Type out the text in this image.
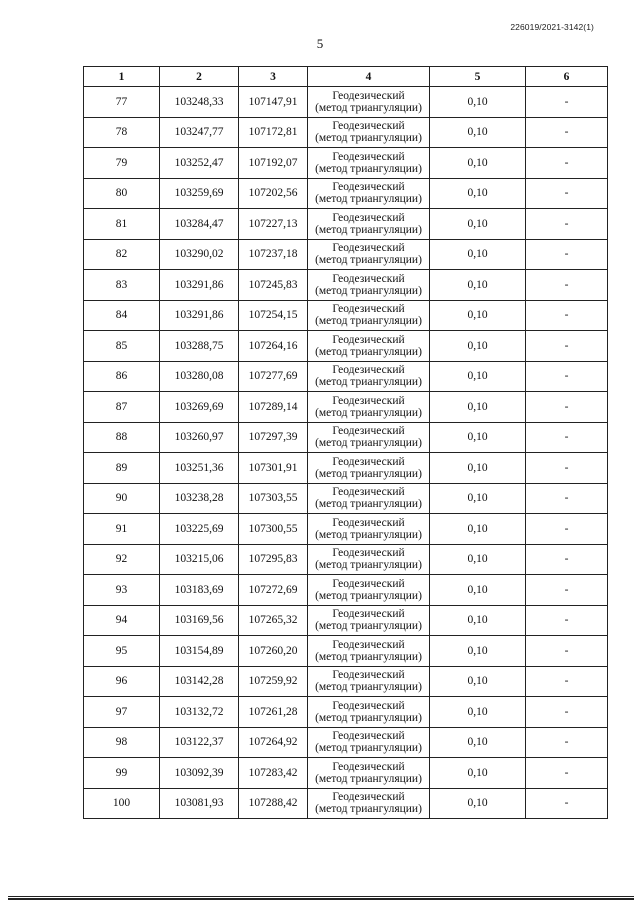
226019/2021-3142(1)
5
1	2	3	4	5	6
77	103248,33	107147,91	Геодезический
(метод триангуляции)	0,10	-
78	103247,77	107172,81	Геодезический
(метод триангуляции)	0,10	-
79	103252,47	107192,07	Геодезический
(метод триангуляции)	0,10	-
80	103259,69	107202,56	Геодезический
(метод триангуляции)	0,10	-
81	103284,47	107227,13	Геодезический
(метод триангуляции)	0,10	-
82	103290,02	107237,18	Геодезический
(метод триангуляции)	0,10	-
83	103291,86	107245,83	Геодезический
(метод триангуляции)	0,10	-
84	103291,86	107254,15	Геодезический
(метод триангуляции)	0,10	-
85	103288,75	107264,16	Геодезический
(метод триангуляции)	0,10	-
86	103280,08	107277,69	Геодезический
(метод триангуляции)	0,10	-
87	103269,69	107289,14	Геодезический
(метод триангуляции)	0,10	-
88	103260,97	107297,39	Геодезический
(метод триангуляции)	0,10	-
89	103251,36	107301,91	Геодезический
(метод триангуляции)	0,10	-
90	103238,28	107303,55	Геодезический
(метод триангуляции)	0,10	-
91	103225,69	107300,55	Геодезический
(метод триангуляции)	0,10	-
92	103215,06	107295,83	Геодезический
(метод триангуляции)	0,10	-
93	103183,69	107272,69	Геодезический
(метод триангуляции)	0,10	-
94	103169,56	107265,32	Геодезический
(метод триангуляции)	0,10	-
95	103154,89	107260,20	Геодезический
(метод триангуляции)	0,10	-
96	103142,28	107259,92	Геодезический
(метод триангуляции)	0,10	-
97	103132,72	107261,28	Геодезический
(метод триангуляции)	0,10	-
98	103122,37	107264,92	Геодезический
(метод триангуляции)	0,10	-
99	103092,39	107283,42	Геодезический
(метод триангуляции)	0,10	-
100	103081,93	107288,42	Геодезический
(метод триангуляции)	0,10	-
